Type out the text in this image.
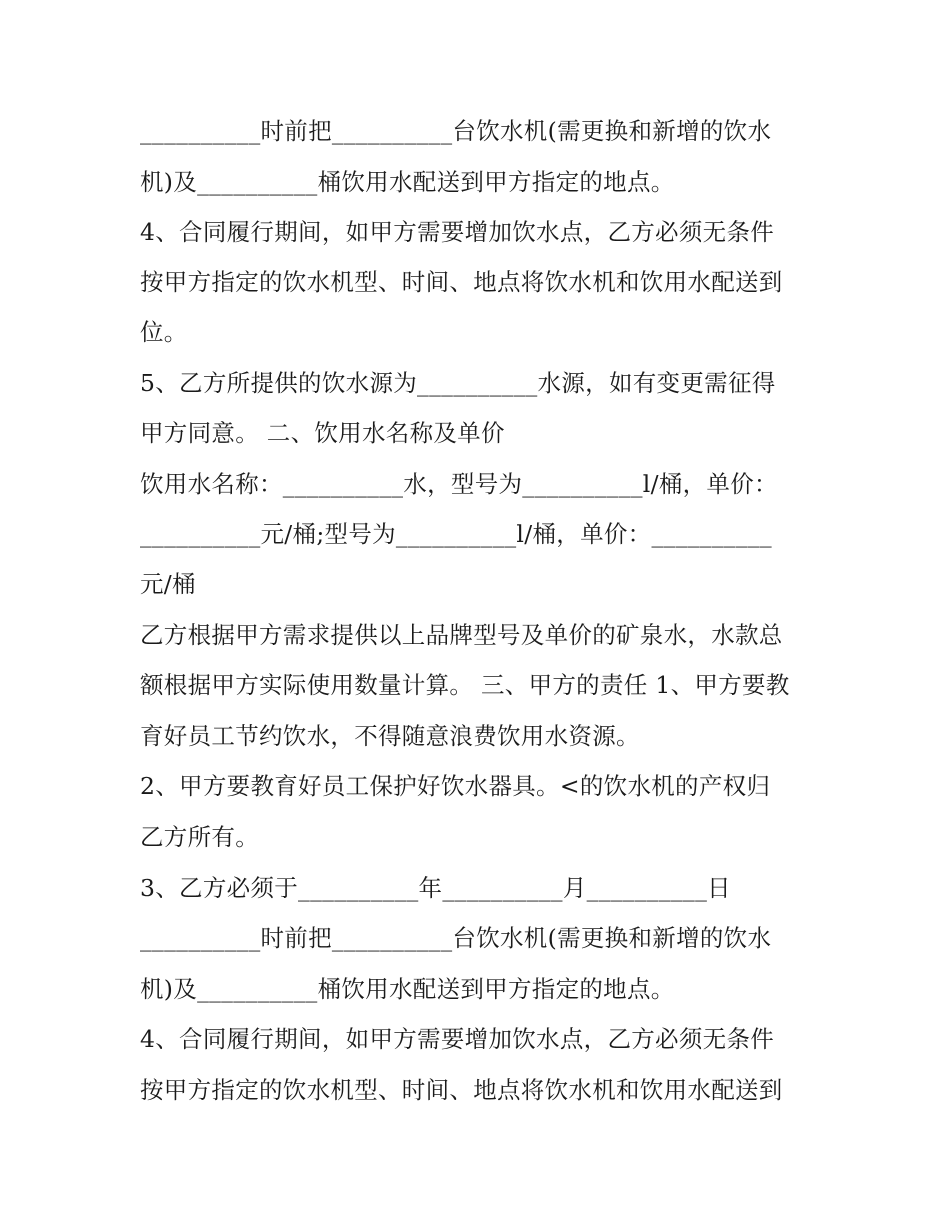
__________时前把__________台饮水机(需更换和新增的饮水
机)及__________桶饮用水配送到甲方指定的地点。
4、合同履行期间，如甲方需要增加饮水点，乙方必须无条件
按甲方指定的饮水机型、时间、地点将饮水机和饮用水配送到
位。
5、乙方所提供的饮水源为__________水源，如有变更需征得
甲方同意。 二、饮用水名称及单价
饮用水名称：__________水，型号为__________l/桶，单价：
__________元/桶;型号为__________l/桶，单价：__________
元/桶
乙方根据甲方需求提供以上品牌型号及单价的矿泉水，水款总
额根据甲方实际使用数量计算。 三、甲方的责任 1、甲方要教
育好员工节约饮水，不得随意浪费饮用水资源。
2、甲方要教育好员工保护好饮水器具。<的饮水机的产权归
乙方所有。
3、乙方必须于__________年__________月__________日
__________时前把__________台饮水机(需更换和新增的饮水
机)及__________桶饮用水配送到甲方指定的地点。
4、合同履行期间，如甲方需要增加饮水点，乙方必须无条件
按甲方指定的饮水机型、时间、地点将饮水机和饮用水配送到
